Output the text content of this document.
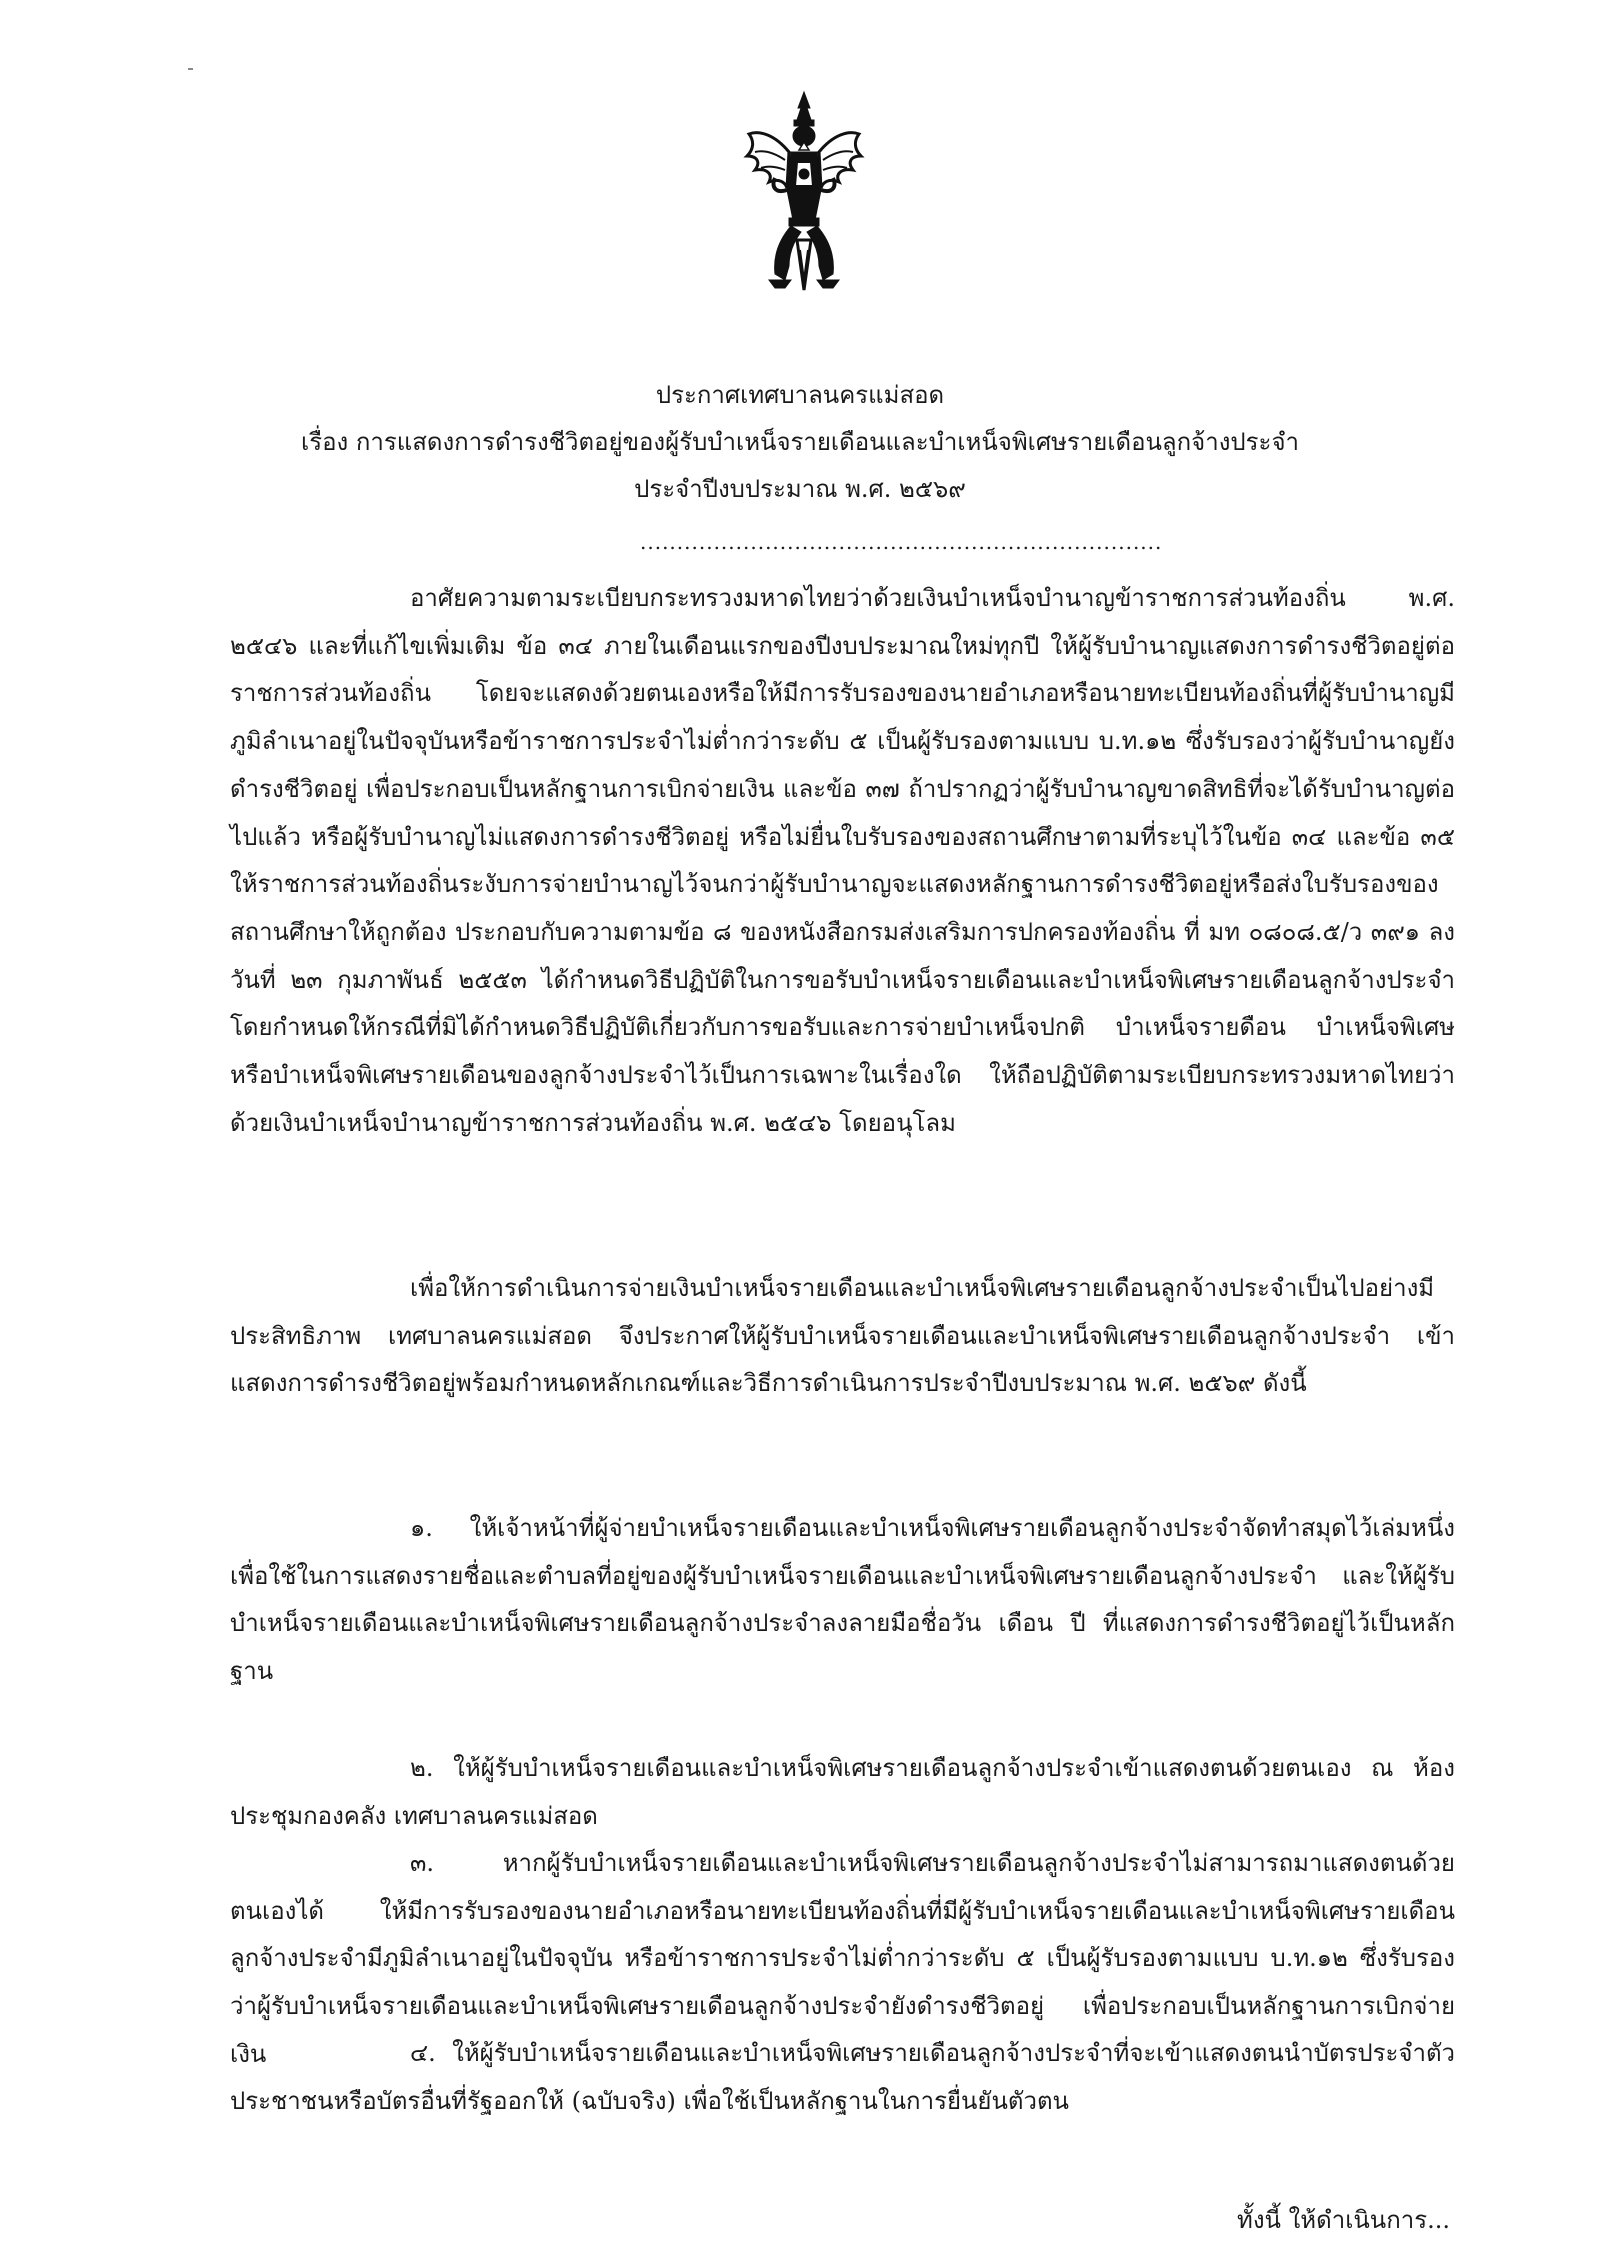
ประกาศเทศบาลนครแม่สอด
เรื่อง การแสดงการดำรงชีวิตอยู่ของผู้รับบำเหน็จรายเดือนและบำเหน็จพิเศษรายเดือนลูกจ้างประจำ
ประจำปีงบประมาณ พ.ศ. ๒๕๖๙
.......................................................................

อาศัยความตามระเบียบกระทรวงมหาดไทยว่าด้วยเงินบำเหน็จบำนาญข้าราชการส่วนท้องถิ่น พ.ศ. ๒๕๔๖ และที่แก้ไขเพิ่มเติม ข้อ ๓๔ ภายในเดือนแรกของปีงบประมาณใหม่ทุกปี ให้ผู้รับบำนาญแสดงการดำรงชีวิตอยู่ต่อราชการส่วนท้องถิ่น โดยจะแสดงด้วยตนเองหรือให้มีการรับรองของนายอำเภอหรือนายทะเบียนท้องถิ่นที่ผู้รับบำนาญมีภูมิลำเนาอยู่ในปัจจุบันหรือข้าราชการประจำไม่ต่ำกว่าระดับ ๕ เป็นผู้รับรองตามแบบ บ.ท.๑๒ ซึ่งรับรองว่าผู้รับบำนาญยังดำรงชีวิตอยู่ เพื่อประกอบเป็นหลักฐานการเบิกจ่ายเงิน และข้อ ๓๗ ถ้าปรากฏว่าผู้รับบำนาญขาดสิทธิที่จะได้รับบำนาญต่อไปแล้ว หรือผู้รับบำนาญไม่แสดงการดำรงชีวิตอยู่ หรือไม่ยื่นใบรับรองของสถานศึกษาตามที่ระบุไว้ในข้อ ๓๔ และข้อ ๓๕ ให้ราชการส่วนท้องถิ่นระงับการจ่ายบำนาญไว้จนกว่าผู้รับบำนาญจะแสดงหลักฐานการดำรงชีวิตอยู่หรือส่งใบรับรองของสถานศึกษาให้ถูกต้อง ประกอบกับความตามข้อ ๘ ของหนังสือกรมส่งเสริมการปกครองท้องถิ่น ที่ มท ๐๘๐๘.๕/ว ๓๙๑ ลงวันที่ ๒๓ กุมภาพันธ์ ๒๕๕๓ ได้กำหนดวิธีปฏิบัติในการขอรับบำเหน็จรายเดือนและบำเหน็จพิเศษรายเดือนลูกจ้างประจำ โดยกำหนดให้กรณีที่มิได้กำหนดวิธีปฏิบัติเกี่ยวกับการขอรับและการจ่ายบำเหน็จปกติ บำเหน็จรายดือน บำเหน็จพิเศษ หรือบำเหน็จพิเศษรายเดือนของลูกจ้างประจำไว้เป็นการเฉพาะในเรื่องใด ให้ถือปฏิบัติตามระเบียบกระทรวงมหาดไทยว่าด้วยเงินบำเหน็จบำนาญข้าราชการส่วนท้องถิ่น พ.ศ. ๒๕๔๖ โดยอนุโลม

เพื่อให้การดำเนินการจ่ายเงินบำเหน็จรายเดือนและบำเหน็จพิเศษรายเดือนลูกจ้างประจำเป็นไปอย่างมีประสิทธิภาพ เทศบาลนครแม่สอด จึงประกาศให้ผู้รับบำเหน็จรายเดือนและบำเหน็จพิเศษรายเดือนลูกจ้างประจำ เข้าแสดงการดำรงชีวิตอยู่พร้อมกำหนดหลักเกณฑ์และวิธีการดำเนินการประจำปีงบประมาณ พ.ศ. ๒๕๖๙ ดังนี้

๑. ให้เจ้าหน้าที่ผู้จ่ายบำเหน็จรายเดือนและบำเหน็จพิเศษรายเดือนลูกจ้างประจำจัดทำสมุดไว้เล่มหนึ่งเพื่อใช้ในการแสดงรายชื่อและตำบลที่อยู่ของผู้รับบำเหน็จรายเดือนและบำเหน็จพิเศษรายเดือนลูกจ้างประจำ และให้ผู้รับบำเหน็จรายเดือนและบำเหน็จพิเศษรายเดือนลูกจ้างประจำลงลายมือชื่อวัน เดือน ปี ที่แสดงการดำรงชีวิตอยู่ไว้เป็นหลักฐาน

๒. ให้ผู้รับบำเหน็จรายเดือนและบำเหน็จพิเศษรายเดือนลูกจ้างประจำเข้าแสดงตนด้วยตนเอง ณ ห้องประชุมกองคลัง เทศบาลนครแม่สอด

๓. หากผู้รับบำเหน็จรายเดือนและบำเหน็จพิเศษรายเดือนลูกจ้างประจำไม่สามารถมาแสดงตนด้วยตนเองได้ ให้มีการรับรองของนายอำเภอหรือนายทะเบียนท้องถิ่นที่มีผู้รับบำเหน็จรายเดือนและบำเหน็จพิเศษรายเดือนลูกจ้างประจำมีภูมิลำเนาอยู่ในปัจจุบัน หรือข้าราชการประจำไม่ต่ำกว่าระดับ ๕ เป็นผู้รับรองตามแบบ บ.ท.๑๒ ซึ่งรับรองว่าผู้รับบำเหน็จรายเดือนและบำเหน็จพิเศษรายเดือนลูกจ้างประจำยังดำรงชีวิตอยู่ เพื่อประกอบเป็นหลักฐานการเบิกจ่ายเงิน	๔. ให้ผู้รับบำเหน็จรายเดือนและบำเหน็จพิเศษรายเดือนลูกจ้างประจำที่จะเข้าแสดงตนนำบัตรประจำตัวประชาชนหรือบัตรอื่นที่รัฐออกให้ (ฉบับจริง) เพื่อใช้เป็นหลักฐานในการยื่นยันตัวตน

ทั้งนี้ ให้ดำเนินการ...
